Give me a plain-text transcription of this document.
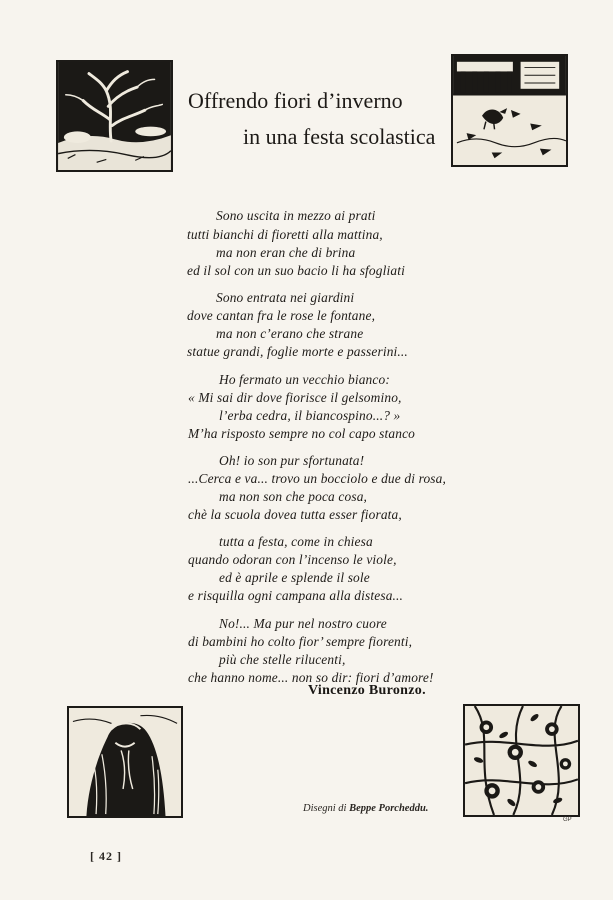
Offrendo fiori d’inverno
in una festa scolastica
Sono uscita in mezzo ai prati
tutti bianchi di fioretti alla mattina,
ma non eran che di brina
ed il sol con un suo bacio li ha sfogliati
Sono entrata nei giardini
dove cantan fra le rose le fontane,
ma non c’erano che strane
statue grandi, foglie morte e passerini...
Ho fermato un vecchio bianco:
« Mi sai dir dove fiorisce il gelsomino,
l’erba cedra, il biancospino...? »
M’ha risposto sempre no col capo stanco
Oh! io son pur sfortunata!
...Cerca e va... trovo un bocciolo e due di rosa,
ma non son che poca cosa,
chè la scuola dovea tutta esser fiorata,
tutta a festa, come in chiesa
quando odoran con l’incenso le viole,
ed è aprile e splende il sole
e risquilla ogni campana alla distesa...
No!... Ma pur nel nostro cuore
di bambini ho colto fior’ sempre fiorenti,
più che stelle rilucenti,
che hanno nome... non so dir: fiori d’amore!
Vincenzo Buronzo.
GP
Disegni di Beppe Porcheddu.
[ 42 ]
